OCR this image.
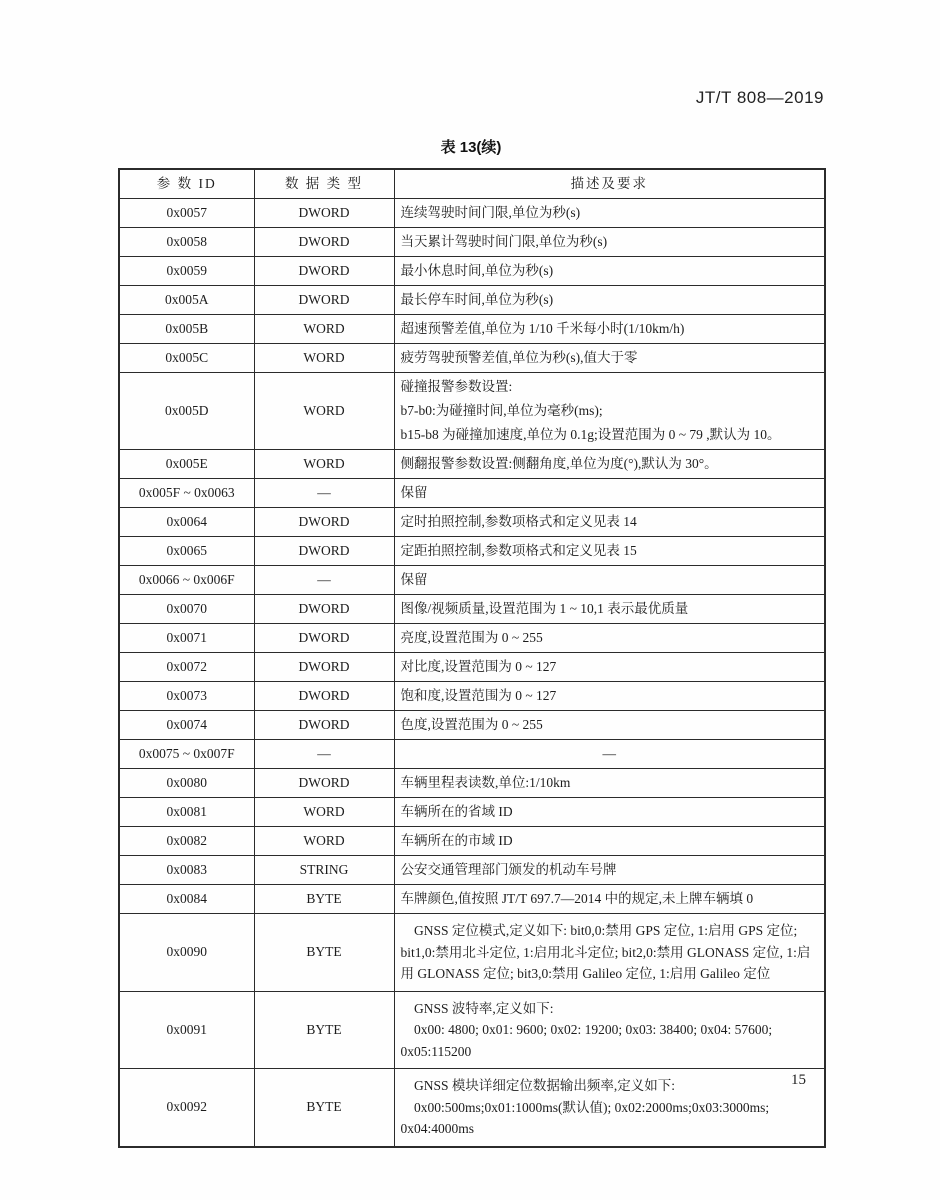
JT/T 808—2019
表 13(续)
参 数 ID	数 据 类 型	描述及要求
0x0057	DWORD	连续驾驶时间门限,单位为秒(s)

0x0058	DWORD	当天累计驾驶时间门限,单位为秒(s)

0x0059	DWORD	最小休息时间,单位为秒(s)

0x005A	DWORD	最长停车时间,单位为秒(s)

0x005B	WORD	超速预警差值,单位为 1/10 千米每小时(1/10km/h)

0x005C	WORD	疲劳驾驶预警差值,单位为秒(s),值大于零

0x005D	WORD	碰撞报警参数设置:

b7-b0:为碰撞时间,单位为毫秒(ms);

b15-b8 为碰撞加速度,单位为 0.1g;设置范围为 0 ~ 79 ,默认为 10。

0x005E	WORD	侧翻报警参数设置:侧翻角度,单位为度(°),默认为 30°。

0x005F ~ 0x0063	—	保留

0x0064	DWORD	定时拍照控制,参数项格式和定义见表 14

0x0065	DWORD	定距拍照控制,参数项格式和定义见表 15

0x0066 ~ 0x006F	—	保留

0x0070	DWORD	图像/视频质量,设置范围为 1 ~ 10,1 表示最优质量

0x0071	DWORD	亮度,设置范围为 0 ~ 255

0x0072	DWORD	对比度,设置范围为 0 ~ 127

0x0073	DWORD	饱和度,设置范围为 0 ~ 127

0x0074	DWORD	色度,设置范围为 0 ~ 255

0x0075 ~ 0x007F	—	—

0x0080	DWORD	车辆里程表读数,单位:1/10km

0x0081	WORD	车辆所在的省域 ID

0x0082	WORD	车辆所在的市域 ID

0x0083	STRING	公安交通管理部门颁发的机动车号牌

0x0084	BYTE	车牌颜色,值按照 JT/T 697.7—2014 中的规定,未上牌车辆填 0

0x0090	BYTE	GNSS 定位模式,定义如下: bit0,0:禁用 GPS 定位, 1:启用 GPS 定位; bit1,0:禁用北斗定位, 1:启用北斗定位; bit2,0:禁用 GLONASS 定位, 1:启用 GLONASS 定位; bit3,0:禁用 Galileo 定位, 1:启用 Galileo 定位

0x0091	BYTE	GNSS 波特率,定义如下:

0x00: 4800; 0x01: 9600; 0x02: 19200; 0x03: 38400; 0x04: 57600; 0x05:115200

0x0092	BYTE	GNSS 模块详细定位数据输出频率,定义如下:

0x00:500ms;0x01:1000ms(默认值); 0x02:2000ms;0x03:3000ms; 0x04:4000ms

15
